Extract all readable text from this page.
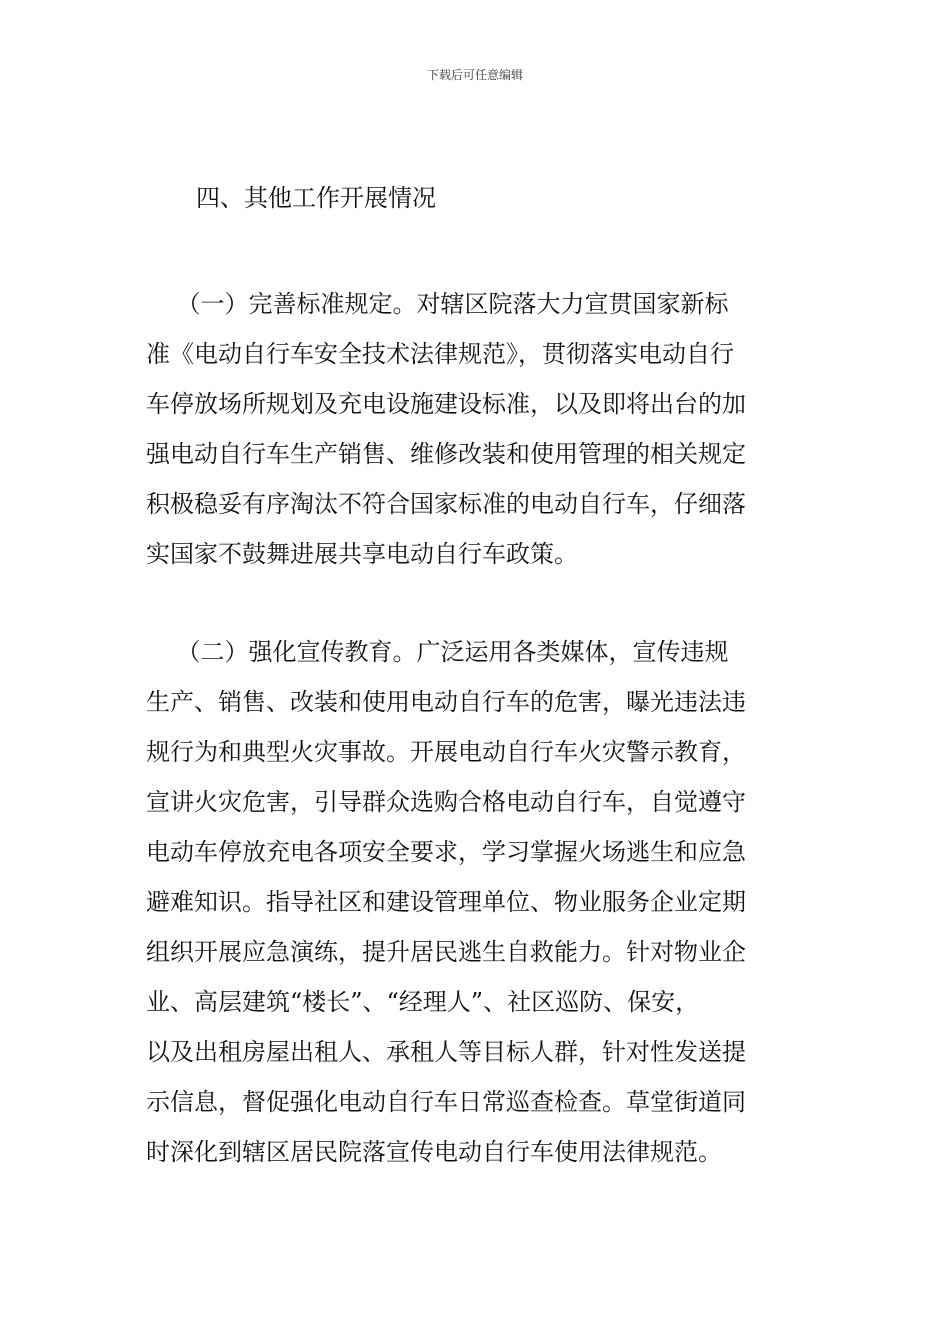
下载后可任意编辑
四、其他工作开展情况
（一）完善标准规定。对辖区院落大力宣贯国家新标
准《电动自行车安全技术法律规范》，贯彻落实电动自行
车停放场所规划及充电设施建设标准，以及即将出台的加
强电动自行车生产销售、维修改装和使用管理的相关规定
积极稳妥有序淘汰不符合国家标准的电动自行车，仔细落
实国家不鼓舞进展共享电动自行车政策。
（二）强化宣传教育。广泛运用各类媒体，宣传违规
生产、销售、改装和使用电动自行车的危害，曝光违法违
规行为和典型火灾事故。开展电动自行车火灾警示教育，
宣讲火灾危害，引导群众选购合格电动自行车，自觉遵守
电动车停放充电各项安全要求，学习掌握火场逃生和应急
避难知识。指导社区和建设管理单位、物业服务企业定期
组织开展应急演练，提升居民逃生自救能力。针对物业企
业、高层建筑“楼长”、“经理人”、社区巡防、保安，
以及出租房屋出租人、承租人等目标人群，针对性发送提
示信息，督促强化电动自行车日常巡查检查。草堂街道同
时深化到辖区居民院落宣传电动自行车使用法律规范。
